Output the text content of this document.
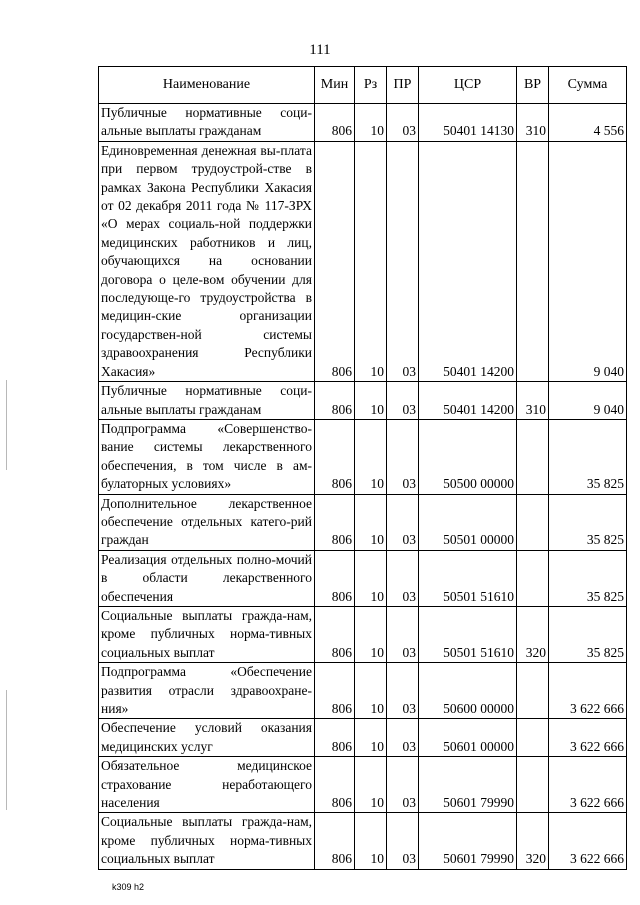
111
Наименование	Мин	Рз	ПР	ЦСР	ВР	Сумма
Публичные нормативные соци-альные выплаты гражданам	806	10	03	50401 14130	310	4 556
Единовременная денежная вы-плата при первом трудоустрой-стве в рамках Закона Республики Хакасия от 02 декабря 2011 года № 117-ЗРХ «О мерах социаль-ной поддержки медицинских работников и лиц, обучающихся на основании договора о целе-вом обучении для последующе-го трудоустройства в медицин-ские организации государствен-ной системы здравоохранения Республики Хакасия»	806	10	03	50401 14200		9 040
Публичные нормативные соци-альные выплаты гражданам	806	10	03	50401 14200	310	9 040
Подпрограмма «Совершенство-вание системы лекарственного обеспечения, в том числе в ам-булаторных условиях»	806	10	03	50500 00000		35 825
Дополнительное лекарственное обеспечение отдельных катего-рий граждан	806	10	03	50501 00000		35 825
Реализация отдельных полно-мочий в области лекарственного обеспечения	806	10	03	50501 51610		35 825
Социальные выплаты гражда-нам, кроме публичных норма-тивных социальных выплат	806	10	03	50501 51610	320	35 825
Подпрограмма «Обеспечение развития отрасли здравоохране-ния»	806	10	03	50600 00000		3 622 666
Обеспечение условий оказания медицинских услуг	806	10	03	50601 00000		3 622 666
Обязательное медицинское страхование неработающего населения	806	10	03	50601 79990		3 622 666
Социальные выплаты гражда-нам, кроме публичных норма-тивных социальных выплат	806	10	03	50601 79990	320	3 622 666
k309 h2
